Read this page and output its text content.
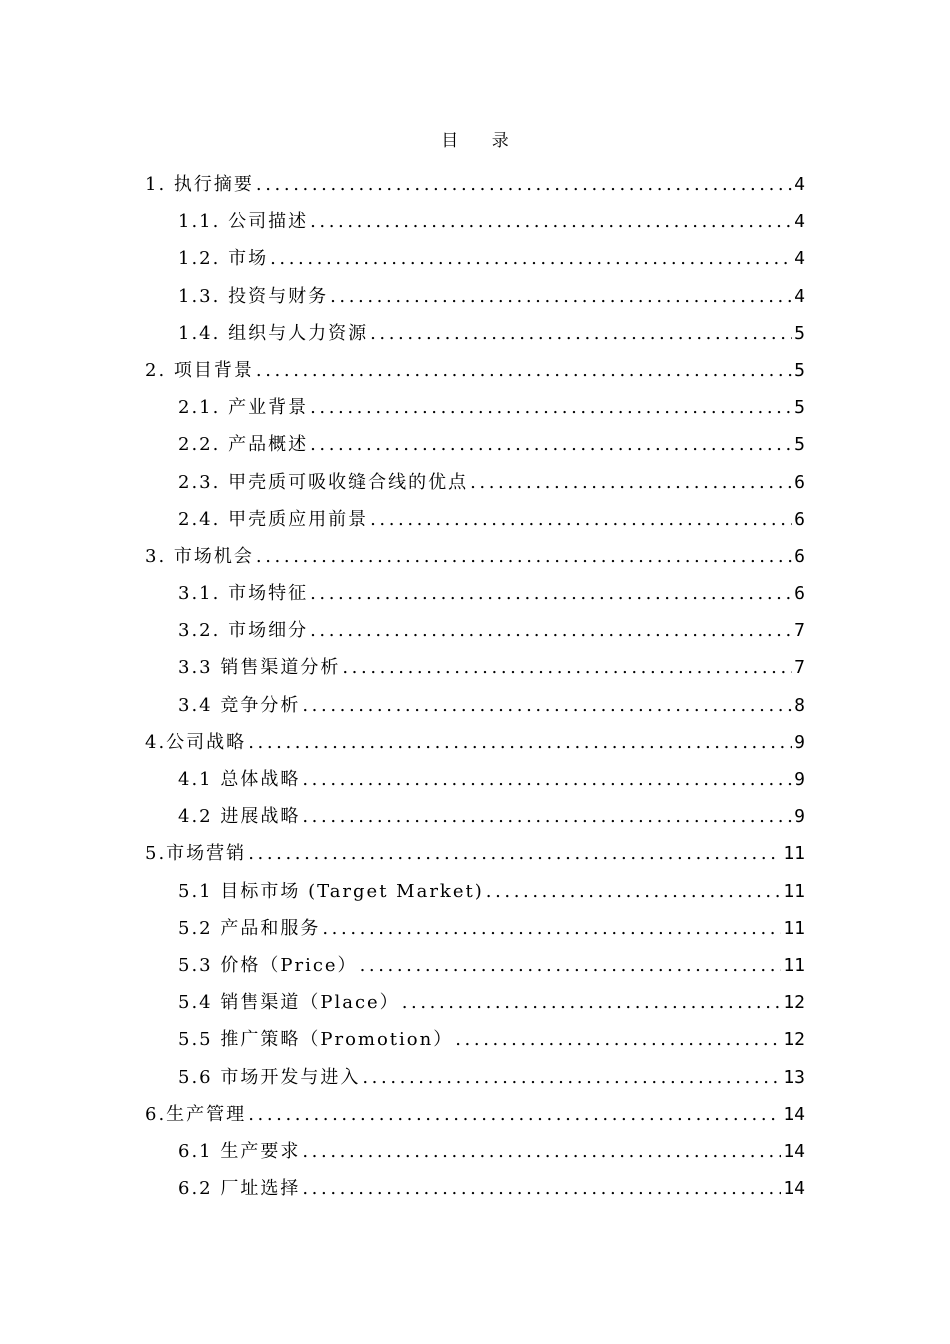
目 录
1. 执行摘要 .....	4
1.1. 公司描述 .....	4
1.2. 市场 .....	4
1.3. 投资与财务 .....	4
1.4. 组织与人力资源 .....	5
2. 项目背景 .....	5
2.1. 产业背景 .....	5
2.2. 产品概述 .....	5
2.3. 甲壳质可吸收缝合线的优点 .....	6
2.4. 甲壳质应用前景 .....	6
3. 市场机会 .....	6
3.1. 市场特征 .....	6
3.2. 市场细分 .....	7
3.3 销售渠道分析 .....	7
3.4 竞争分析 .....	8
4.公司战略 .....	9
4.1 总体战略 .....	9
4.2 进展战略 .....	9
5.市场营销 .....	11
5.1 目标市场 (Target Market) .....	11
5.2 产品和服务 .....	11
5.3 价格（Price） .....	11
5.4 销售渠道（Place） .....	12
5.5 推广策略（Promotion） .....	12
5.6 市场开发与进入 .....	13
6.生产管理 .....	14
6.1 生产要求 .....	14
6.2 厂址选择 .....	14
